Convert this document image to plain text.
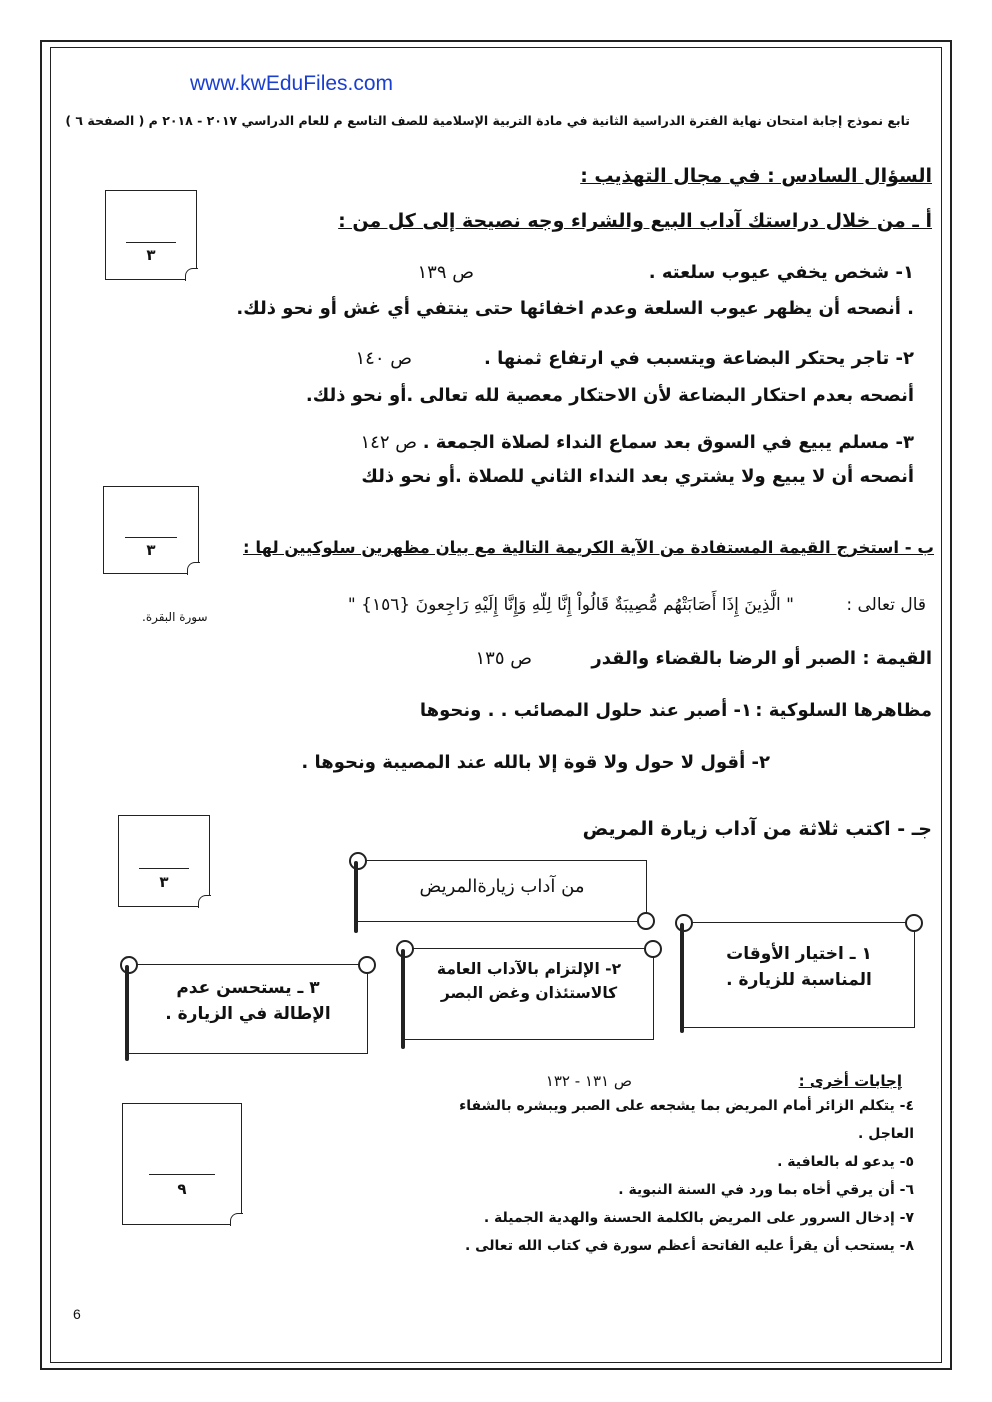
www.kwEduFiles.com
تابع نموذج إجابة امتحان نهاية الفترة الدراسية الثانية في مادة التربية الإسلامية للصف التاسع م للعام الدراسي ٢٠١٧ - ٢٠١٨ م ( الصفحة ٦ )
السؤال السادس : في مجال التهذيب :
أ ـ من خلال دراستك آداب البيع والشراء وجه نصيحة إلى كل من :
٣
١- شخص يخفي عيوب سلعته .
ص ١٣٩
. أنصحه أن يظهر عيوب السلعة وعدم اخفائها حتى ينتفي أي غش أو نحو ذلك.
٢- تاجر يحتكر البضاعة ويتسبب في ارتفاع ثمنها .
ص ١٤٠
أنصحه بعدم احتكار البضاعة لأن الاحتكار معصية لله تعالى .أو نحو ذلك.
٣- مسلم يبيع في السوق بعد سماع النداء لصلاة الجمعة .
ص ١٤٢
أنصحه أن لا يبيع ولا يشتري بعد النداء الثاني للصلاة .أو نحو ذلك
٣	ب - استخرج القيمة المستفادة من الآية الكريمة التالية مع بيان مظهرين سلوكيين لها :
قال تعالى :
" الَّذِينَ إِذَا أَصَابَتْهُم مُّصِيبَةٌ قَالُواْ إِنَّا لِلّهِ وَإِنَّا إِلَيْهِ رَاجِعونَ {١٥٦} "
سورة البقرة.
القيمة : الصبر أو الرضا بالقضاء والقدر
ص ١٣٥
مظاهرها السلوكية :
١- أصبر عند حلول المصائب . . ونحوها
٢- أقول لا حول ولا قوة إلا بالله عند المصيبة ونحوها .
جـ - اكتب ثلاثة من آداب زيارة المريض
٣	من آداب زيارةالمريض
١ ـ اختيار الأوقات
المناسبة للزيارة .
٢- الإلتزام بالآداب العامة
كالاستئذان وغض البصر
٣ ـ يستحسن عدم
الإطالة في الزيارة .
إجابات أخرى :
ص ١٣١ - ١٣٢
٩
٤- يتكلم الزائر أمام المريض بما يشجعه على الصبر ويبشره بالشفاء
العاجل .
٥- يدعو له بالعافية .
٦- أن يرقي أخاه بما ورد في السنة النبوية .
٧- إدخال السرور على المريض بالكلمة الحسنة والهدية الجميلة .
٨- يستحب أن يقرأ عليه الفاتحة أعظم سورة في كتاب الله تعالى .
6
